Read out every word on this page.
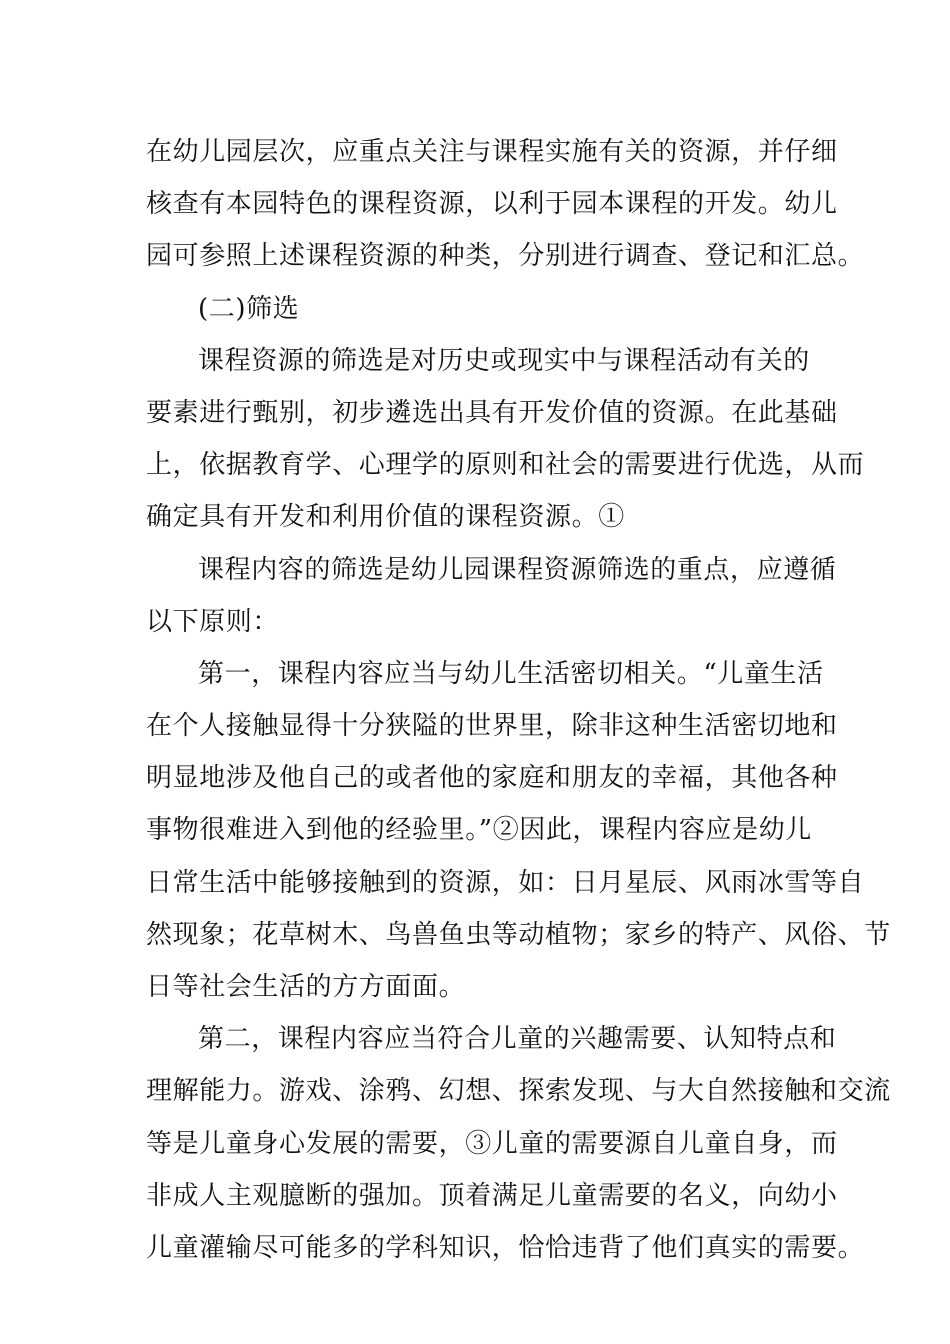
在幼儿园层次，应重点关注与课程实施有关的资源，并仔细
核查有本园特色的课程资源，以利于园本课程的开发。幼儿
园可参照上述课程资源的种类，分别进行调查、登记和汇总。
(二)筛选
课程资源的筛选是对历史或现实中与课程活动有关的
要素进行甄别，初步遴选出具有开发价值的资源。在此基础
上，依据教育学、心理学的原则和社会的需要进行优选，从而
确定具有开发和利用价值的课程资源。①
课程内容的筛选是幼儿园课程资源筛选的重点，应遵循
以下原则：
第一，课程内容应当与幼儿生活密切相关。“儿童生活
在个人接触显得十分狭隘的世界里，除非这种生活密切地和
明显地涉及他自己的或者他的家庭和朋友的幸福，其他各种
事物很难进入到他的经验里。”②因此，课程内容应是幼儿
日常生活中能够接触到的资源，如：日月星辰、风雨冰雪等自
然现象；花草树木、鸟兽鱼虫等动植物；家乡的特产、风俗、节
日等社会生活的方方面面。
第二，课程内容应当符合儿童的兴趣需要、认知特点和
理解能力。游戏、涂鸦、幻想、探索发现、与大自然接触和交流
等是儿童身心发展的需要，③儿童的需要源自儿童自身，而
非成人主观臆断的强加。顶着满足儿童需要的名义，向幼小
儿童灌输尽可能多的学科知识，恰恰违背了他们真实的需要。
